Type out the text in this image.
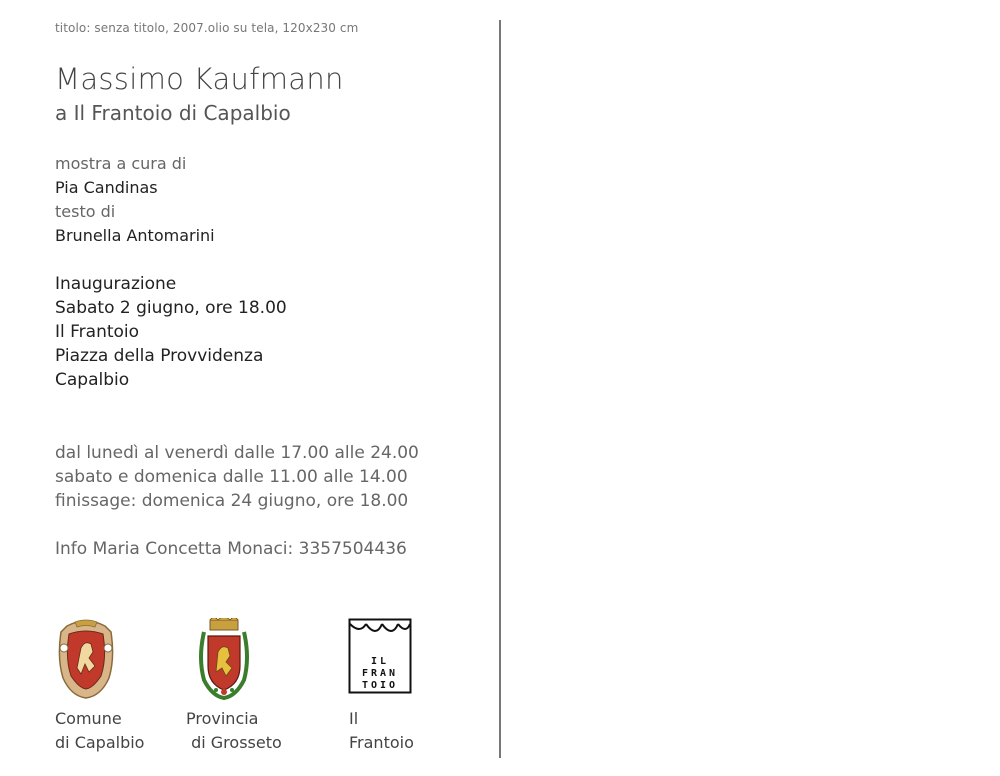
titolo: senza titolo, 2007.olio su tela, 120x230 cm
Massimo Kaufmann
a Il Frantoio di Capalbio
mostra a cura di
Pia Candinas
testo di
Brunella Antomarini
Inaugurazione
Sabato 2 giugno, ore 18.00
Il Frantoio
Piazza della Provvidenza
Capalbio
dal lunedì al venerdì dalle 17.00 alle 24.00
sabato e domenica dalle 11.00 alle 14.00
finissage: domenica 24 giugno, ore 18.00
Info Maria Concetta Monaci: 3357504436
IL
FRAN
TOIO
Comune
di Capalbio
Provincia
di Grosseto
Il
Frantoio
